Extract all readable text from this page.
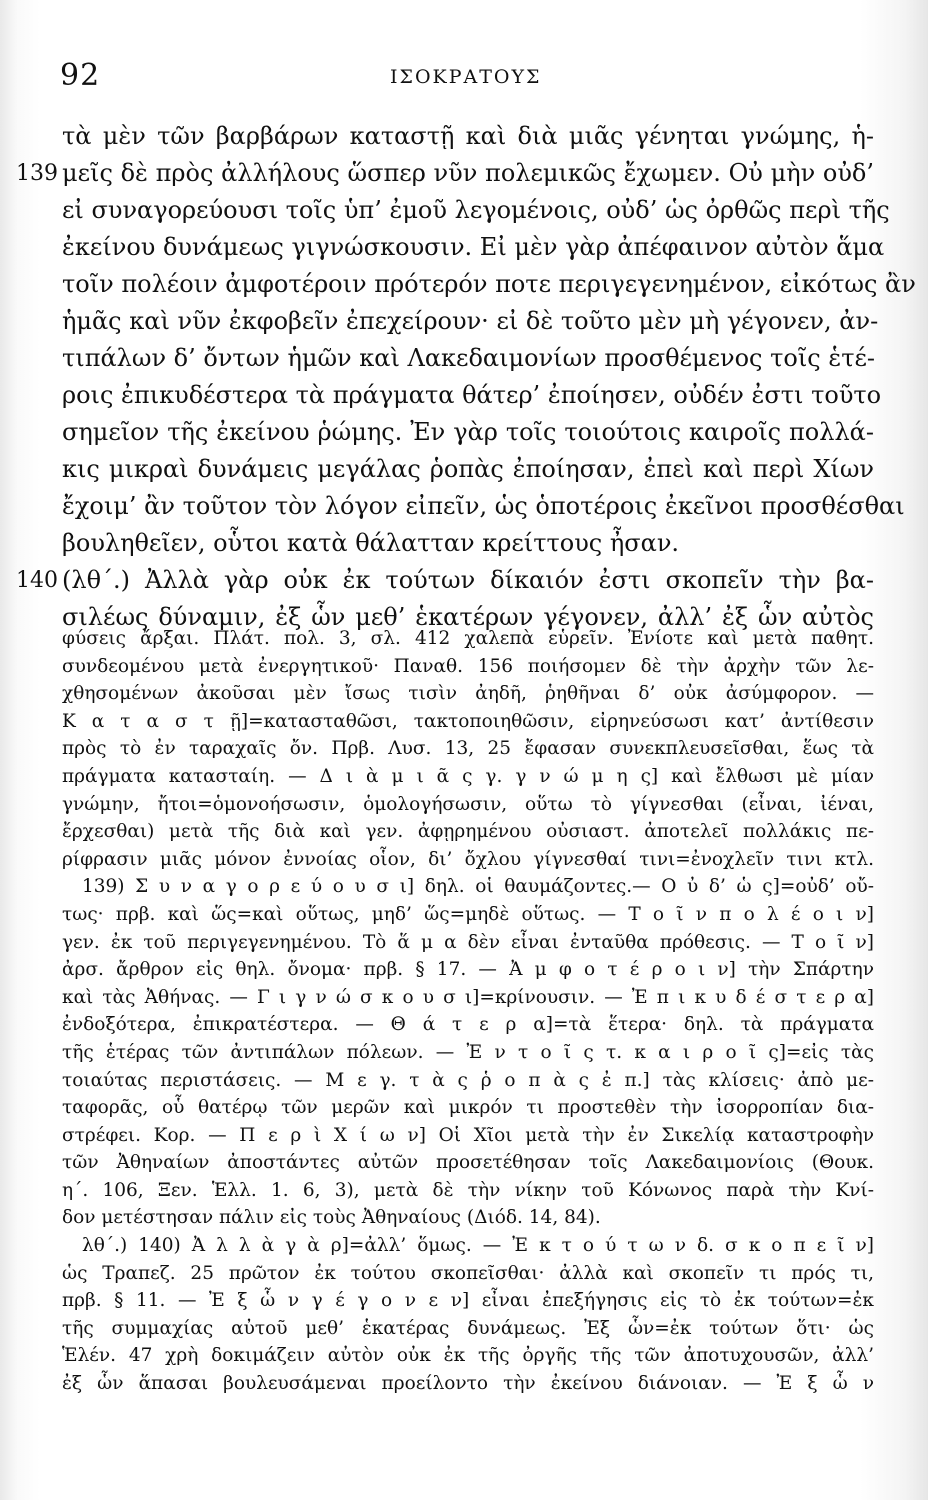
92	ΙΣΟΚΡΑΤΟΥΣ
τὰ μὲν τῶν βαρβάρων καταστῇ καὶ διὰ μιᾶς γένηται γνώμης, ἡ-
139 μεῖς δὲ πρὸς ἀλλήλους ὥσπερ νῦν πολεμικῶς ἔχωμεν. Οὐ μὴν οὐδ’
εἰ συναγορεύουσι τοῖς ὑπ’ ἐμοῦ λεγομένοις, οὐδ’ ὡς ὀρθῶς περὶ τῆς
ἐκείνου δυνάμεως γιγνώσκουσιν. Εἰ μὲν γὰρ ἀπέφαινον αὐτὸν ἅμα
τοῖν πολέοιν ἀμφοτέροιν πρότερόν ποτε περιγεγενημένον, εἰκότως ἂν
ἡμᾶς καὶ νῦν ἐκφοβεῖν ἐπεχείρουν· εἰ δὲ τοῦτο μὲν μὴ γέγονεν, ἀν-
τιπάλων δ’ ὄντων ἡμῶν καὶ Λακεδαιμονίων προσθέμενος τοῖς ἑτέ-
ροις ἐπικυδέστερα τὰ πράγματα θάτερ’ ἐποίησεν, οὐδέν ἐστι τοῦτο
σημεῖον τῆς ἐκείνου ῥώμης. Ἐν γὰρ τοῖς τοιούτοις καιροῖς πολλά-
κις μικραὶ δυνάμεις μεγάλας ῥοπὰς ἐποίησαν, ἐπεὶ καὶ περὶ Χίων
ἔχοιμ’ ἂν τοῦτον τὸν λόγον εἰπεῖν, ὡς ὁποτέροις ἐκεῖνοι προσθέσθαι
βουληθεῖεν, οὗτοι κατὰ θάλατταν κρείττους ἦσαν.
140 (λθ΄.) Ἀλλὰ γὰρ οὐκ ἐκ τούτων δίκαιόν ἐστι σκοπεῖν τὴν βα-
σιλέως δύναμιν, ἐξ ὧν μεθ’ ἑκατέρων γέγονεν, ἀλλ’ ἐξ ὧν αὐτὸς
φύσεις ἄρξαι. Πλάτ. πολ. 3, σλ. 412 χαλεπὰ εὑρεῖν. Ἐνίοτε καὶ μετὰ παθητ.
συνδεομένου μετὰ ἐνεργητικοῦ· Παναθ. 156 ποιήσομεν δὲ τὴν ἀρχὴν τῶν λε-
χθησομένων ἀκοῦσαι μὲν ἴσως τισὶν ἀηδῆ, ῥηθῆναι δ’ οὐκ ἀσύμφορον. —
Κ α τ α σ τ ῇ]=κατασταθῶσι, τακτοποιηθῶσιν, εἰρηνεύσωσι κατ’ ἀντίθεσιν
πρὸς τὸ ἐν ταραχαῖς ὄν. Πρβ. Λυσ. 13, 25 ἔφασαν συνεκπλευσεῖσθαι, ἕως τὰ
πράγματα κατασταίη. — Δ ι ὰ μ ι ᾶ ς γ. γ ν ώ μ η ς] καὶ ἔλθωσι μὲ μίαν
γνώμην, ἤτοι=ὁμονοήσωσιν, ὁμολογήσωσιν, οὕτω τὸ γίγνεσθαι (εἶναι, ἰέναι,
ἔρχεσθαι) μετὰ τῆς διὰ καὶ γεν. ἀφῃρημένου οὐσιαστ. ἀποτελεῖ πολλάκις πε-
ρίφρασιν μιᾶς μόνον ἐννοίας οἷον, δι’ ὄχλου γίγνεσθαί τινι=ἐνοχλεῖν τινι κτλ.
139) Σ υ ν α γ ο ρ ε ύ ο υ σ ι] δηλ. οἱ θαυμάζοντες.— Ο ὐ δ’ ὡ ς]=οὐδ’ οὔ-
τως· πρβ. καὶ ὥς=καὶ οὕτως, μηδ’ ὥς=μηδὲ οὕτως. — Τ ο ῖ ν π ο λ έ ο ι ν]
γεν. ἐκ τοῦ περιγεγενημένου. Τὸ ἅ μ α δὲν εἶναι ἐνταῦθα πρόθεσις. — Τ ο ῖ ν]
ἀρσ. ἄρθρον εἰς θηλ. ὄνομα· πρβ. § 17. — Ἀ μ φ ο τ έ ρ ο ι ν] τὴν Σπάρτην
καὶ τὰς Ἀθήνας. — Γ ι γ ν ώ σ κ ο υ σ ι]=κρίνουσιν. — Ἐ π ι κ υ δ έ σ τ ε ρ α]
ἐνδοξότερα, ἐπικρατέστερα. — Θ ά τ ε ρ α]=τὰ ἕτερα· δηλ. τὰ πράγματα
τῆς ἑτέρας τῶν ἀντιπάλων πόλεων. — Ἐ ν τ ο ῖ ς τ. κ α ι ρ ο ῖ ς]=εἰς τὰς
τοιαύτας περιστάσεις. — Μ ε γ. τ ὰ ς ῥ ο π ὰ ς ἐ π.] τὰς κλίσεις· ἀπὸ με-
ταφορᾶς, οὗ θατέρῳ τῶν μερῶν καὶ μικρόν τι προστεθὲν τὴν ἰσορροπίαν δια-
στρέφει. Κορ. — Π ε ρ ὶ Χ ί ω ν] Οἱ Χῖοι μετὰ τὴν ἐν Σικελίᾳ καταστροφὴν
τῶν Ἀθηναίων ἀποστάντες αὐτῶν προσετέθησαν τοῖς Λακεδαιμονίοις (Θουκ.
η΄. 106, Ξεν. Ἑλλ. 1. 6, 3), μετὰ δὲ τὴν νίκην τοῦ Κόνωνος παρὰ τὴν Κνί-
δον μετέστησαν πάλιν εἰς τοὺς Ἀθηναίους (Διόδ. 14, 84).
λθ΄.) 140) Ἀ λ λ ὰ γ ὰ ρ]=ἀλλ’ ὅμως. — Ἐ κ τ ο ύ τ ω ν δ. σ κ ο π ε ῖ ν]
ὡς Τραπεζ. 25 πρῶτον ἐκ τούτου σκοπεῖσθαι· ἀλλὰ καὶ σκοπεῖν τι πρός τι,
πρβ. § 11. — Ἐ ξ ὧ ν γ έ γ ο ν ε ν] εἶναι ἐπεξήγησις εἰς τὸ ἐκ τούτων=ἐκ
τῆς συμμαχίας αὐτοῦ μεθ’ ἑκατέρας δυνάμεως. Ἐξ ὧν=ἐκ τούτων ὅτι· ὡς
Ἑλέν. 47 χρὴ δοκιμάζειν αὐτὸν οὐκ ἐκ τῆς ὀργῆς τῆς τῶν ἀποτυχουσῶν, ἀλλ’
ἐξ ὧν ἅπασαι βουλευσάμεναι προείλοντο τὴν ἐκείνου διάνοιαν. — Ἐ ξ ὧ ν
